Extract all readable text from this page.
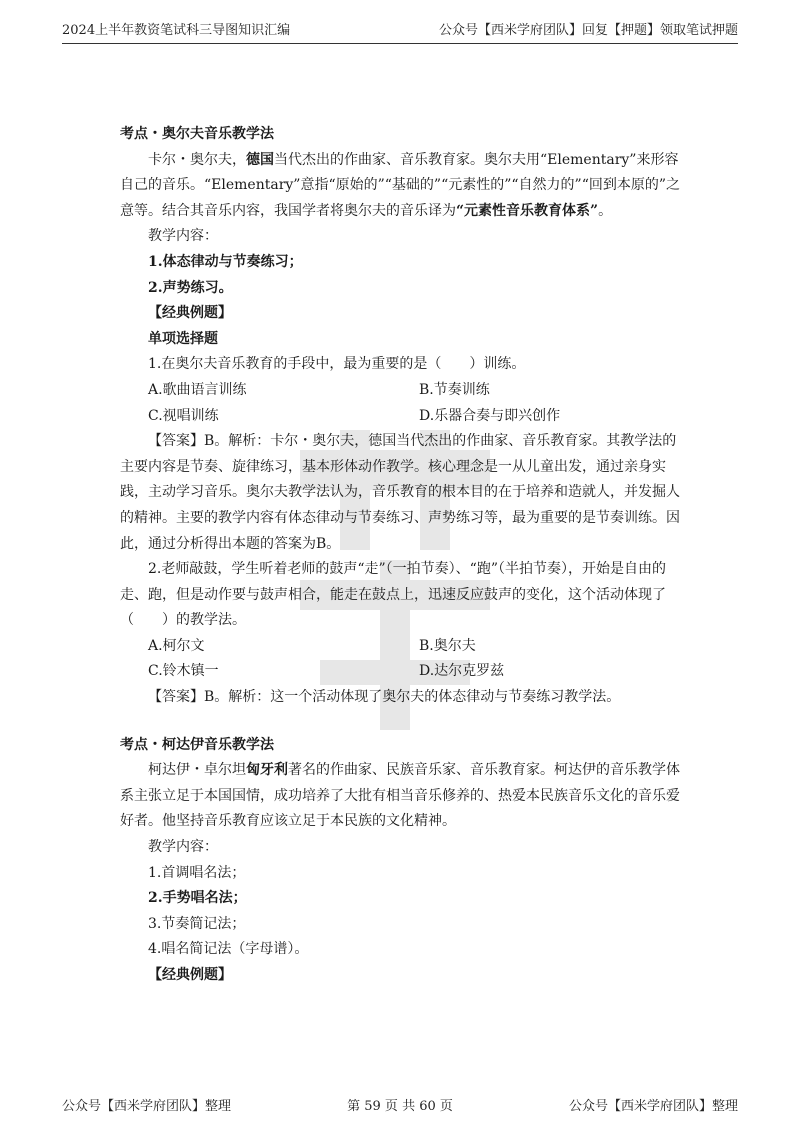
2024上半年教资笔试科三导图知识汇编	公众号【西米学府团队】回复【押题】领取笔试押题

考点・奥尔夫音乐教学法

卡尔・奥尔夫，德国当代杰出的作曲家、音乐教育家。奥尔夫用“Elementary”来形容自己的音乐。“Elementary”意指“原始的”“基础的”“元素性的”“自然力的”“回到本原的”之意等。结合其音乐内容，我国学者将奥尔夫的音乐译为“元素性音乐教育体系”。

教学内容：

1.体态律动与节奏练习；

2.声势练习。

【经典例题】

单项选择题

1.在奥尔夫音乐教育的手段中，最为重要的是（　　）训练。

A.歌曲语言训练	B.节奏训练
C.视唱训练	D.乐器合奏与即兴创作

【答案】B。解析：卡尔・奥尔夫，德国当代杰出的作曲家、音乐教育家。其教学法的主要内容是节奏、旋律练习，基本形体动作教学。核心理念是一从儿童出发，通过亲身实践，主动学习音乐。奥尔夫教学法认为，音乐教育的根本目的在于培养和造就人，并发掘人的精神。主要的教学内容有体态律动与节奏练习、声势练习等，最为重要的是节奏训练。因此，通过分析得出本题的答案为B。

2.老师敲鼓，学生听着老师的鼓声“走”（一拍节奏）、“跑”（半拍节奏），开始是自由的走、跑，但是动作要与鼓声相合，能走在鼓点上，迅速反应鼓声的变化，这个活动体现了（　　）的教学法。

A.柯尔文	B.奥尔夫
C.铃木镇一	D.达尔克罗兹

【答案】B。解析：这一个活动体现了奥尔夫的体态律动与节奏练习教学法。

考点・柯达伊音乐教学法

柯达伊・卓尔坦匈牙利著名的作曲家、民族音乐家、音乐教育家。柯达伊的音乐教学体系主张立足于本国国情，成功培养了大批有相当音乐修养的、热爱本民族音乐文化的音乐爱好者。他坚持音乐教育应该立足于本民族的文化精神。

教学内容：

1.首调唱名法；

2.手势唱名法；

3.节奏简记法；

4.唱名简记法（字母谱）。

【经典例题】

公众号【西米学府团队】整理	第 59 页 共 60 页	公众号【西米学府团队】整理
